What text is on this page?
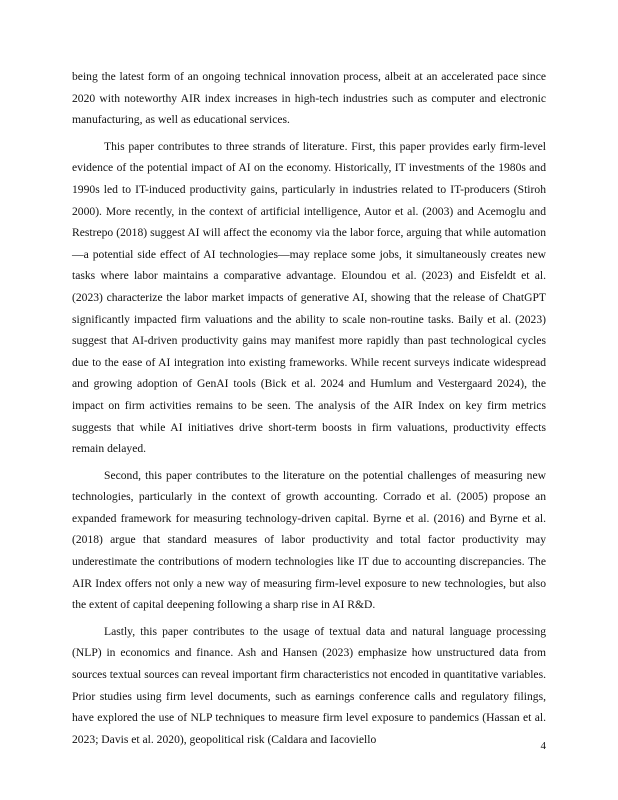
being the latest form of an ongoing technical innovation process, albeit at an accelerated pace since 2020 with noteworthy AIR index increases in high-tech industries such as computer and electronic manufacturing, as well as educational services.

This paper contributes to three strands of literature. First, this paper provides early firm-level evidence of the potential impact of AI on the economy. Historically, IT investments of the 1980s and 1990s led to IT-induced productivity gains, particularly in industries related to IT-producers (Stiroh 2000). More recently, in the context of artificial intelligence, Autor et al. (2003) and Acemoglu and Restrepo (2018) suggest AI will affect the economy via the labor force, arguing that while automation—a potential side effect of AI technologies—may replace some jobs, it simultaneously creates new tasks where labor maintains a comparative advantage. Eloundou et al. (2023) and Eisfeldt et al. (2023) characterize the labor market impacts of generative AI, showing that the release of ChatGPT significantly impacted firm valuations and the ability to scale non-routine tasks. Baily et al. (2023) suggest that AI-driven productivity gains may manifest more rapidly than past technological cycles due to the ease of AI integration into existing frameworks. While recent surveys indicate widespread and growing adoption of GenAI tools (Bick et al. 2024 and Humlum and Vestergaard 2024), the impact on firm activities remains to be seen. The analysis of the AIR Index on key firm metrics suggests that while AI initiatives drive short-term boosts in firm valuations, productivity effects remain delayed.

Second, this paper contributes to the literature on the potential challenges of measuring new technologies, particularly in the context of growth accounting. Corrado et al. (2005) propose an expanded framework for measuring technology-driven capital. Byrne et al. (2016) and Byrne et al. (2018) argue that standard measures of labor productivity and total factor productivity may underestimate the contributions of modern technologies like IT due to accounting discrepancies. The AIR Index offers not only a new way of measuring firm-level exposure to new technologies, but also the extent of capital deepening following a sharp rise in AI R&D.

Lastly, this paper contributes to the usage of textual data and natural language processing (NLP) in economics and finance. Ash and Hansen (2023) emphasize how unstructured data from sources textual sources can reveal important firm characteristics not encoded in quantitative variables. Prior studies using firm level documents, such as earnings conference calls and regulatory filings, have explored the use of NLP techniques to measure firm level exposure to pandemics (Hassan et al. 2023; Davis et al. 2020), geopolitical risk (Caldara and Iacoviello

4
